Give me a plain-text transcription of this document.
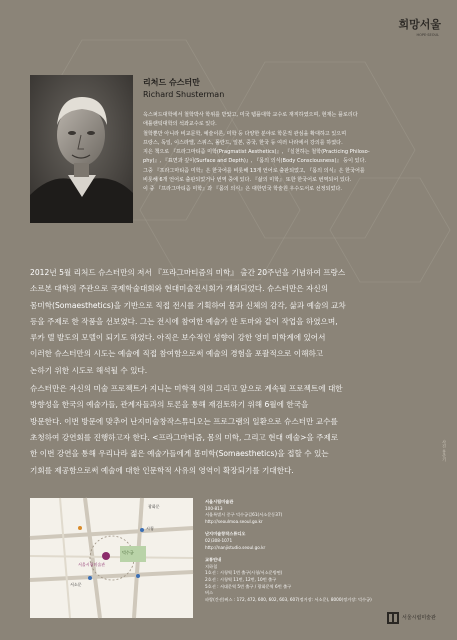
희망서울
HOPE·SEOUL
리처드 슈스터만
Richard Shusterman
옥스퍼드대학에서 철학박사 학위를 받았고, 미국 템플대학 교수로 재직하였으며, 현재는 플로리다
애틀랜틱대학의 석좌교수로 있다.
철학뿐만 아니라 비교문학, 예술이론, 미학 등 다양한 분야로 학문적 관심을 확대하고 있으며
프랑스, 독일, 이스라엘, 스위스, 폴란드, 일본, 중국, 한국 등 여러 나라에서 강의를 하였다.
지은 책으로 『프라그마티즘 미학(Pragmatist Aesthetics)』, 『실천하는 철학(Practicing Philoso-
phy)』, 『표면과 깊이(Surface and Depth)』, 『몸의 의식(Body Consciousness)』 등이 있다.
그중 『프라그마티즘 미학』은 한국어를 비롯해 13개 언어로 출판되었고, 『몸의 의식』은 한국어를
비롯해 6개 언어로 출판되었거나 번역 중에 있다. 『삶의 미학』 또한 한국어로 번역되어 있다.
이 중 『프라그마티즘 미학』과 『몸의 의식』은 대한민국 학술원 우수도서로 선정되었다.
2012년 5월 리처드 슈스터만의 저서 『프라그마티즘의 미학』 출간 20주년을 기념하여 프랑스
소르본 대학의 주관으로 국제학술대회와 현대미술전시회가 개최되었다. 슈스터만은 자신의
몸미학(Somaesthetics)을 기반으로 직접 전시를 기획하여 몸과 신체의 감각, 삶과 예술의 교차
등을 주제로 한 작품을 선보였다. 그는 전시에 참여한 예술가 얀 토마와 같이 작업을 하였으며,
루카 델 발도의 모델이 되기도 하였다. 아직은 보수적인 성향이 강한 영미 미학계에 있어서
이러한 슈스터만의 시도는 예술에 직접 참여함으로써 예술의 경험을 포괄적으로 이해하고
논하기 위한 시도로 해석될 수 있다.
슈스터만은 자신의 미술 프로젝트가 지니는 미학적 의의 그리고 앞으로 계속될 프로젝트에 대한
방향성을 한국의 예술가들, 관계자들과의 토론을 통해 재검토하기 위해 6월에 한국을
방문한다. 이번 방문에 맞추어 난지미술창작스튜디오는 프로그램의 일환으로 슈스터만 교수를
초청하여 강연회를 진행하고자 한다. <프라그마티즘, 몸의 미학, 그리고 현대 예술>을 주제로
한 이번 강연을 통해 우리나라 젊은 예술가들에게 몸미학(Somaesthetics)을 접할 수 있는
기회를 제공함으로써 예술에 대한 인문학적 사유의 영역이 확장되기를 기대한다.
사진 홍준기
서울시립미술관
덕수궁
시청
서소문
광화문
서울시립미술관
100-813
서울특별시 중구 덕수궁길61(서소문동37)
http://seoulmoa.seoul.go.kr
난지미술창작스튜디오
02)308-1071
http://nanjistudio.seoul.go.kr
교통안내
지하철
1호선 : 시청역 1번 출구(시청/서소문방면)
2호선 : 시청역 11번, 12번, 10번 출구
5호선 : 서대문역 5번 출구 / 광화문역 6번 출구
버스
파랑(간선)버스 : 172, 472, 600, 602, 603, 607(정거장: 서소문), 8000(정거장: 덕수궁)
서울시립미술관
